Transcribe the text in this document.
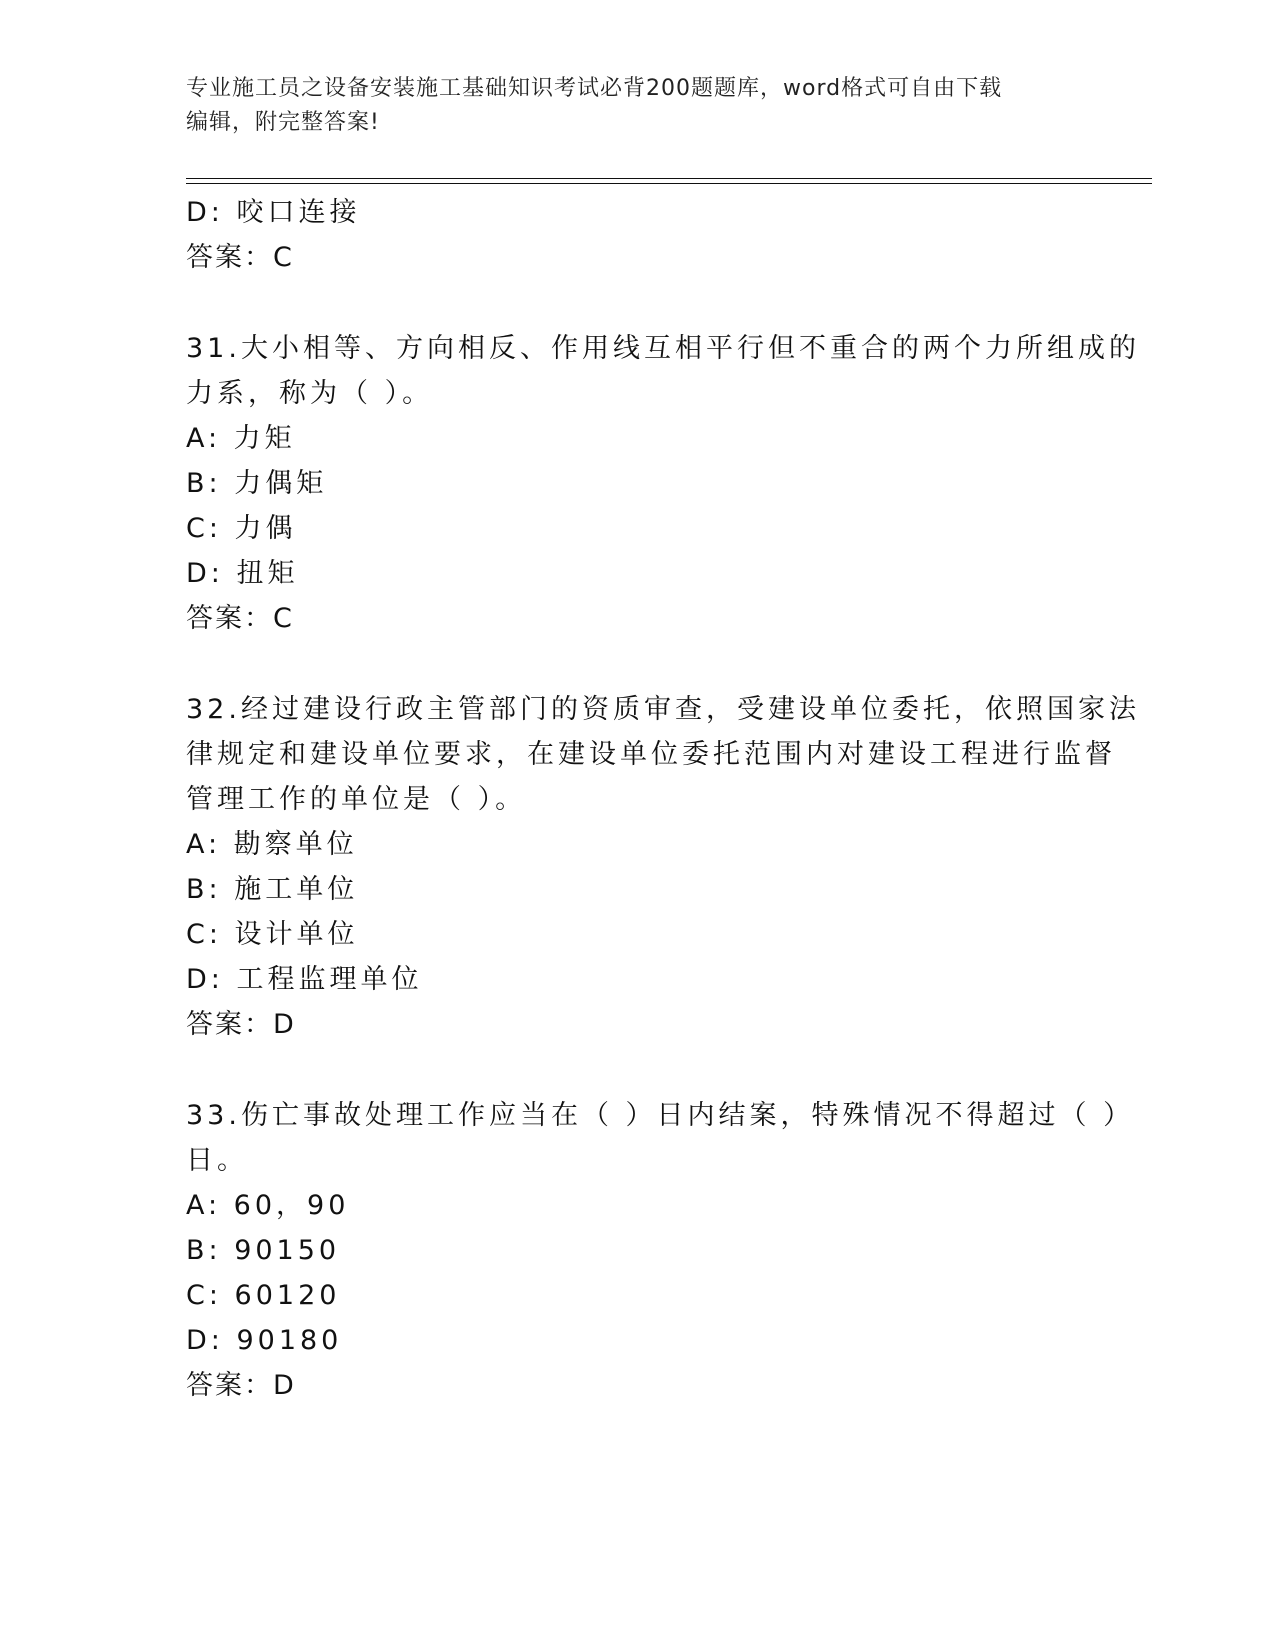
专业施工员之设备安装施工基础知识考试必背200题题库，word格式可自由下载
编辑，附完整答案!
D: 咬口连接
答案：C
31.大小相等、方向相反、作用线互相平行但不重合的两个力所组成的
力系，称为（ ）。
A: 力矩
B: 力偶矩
C: 力偶
D: 扭矩
答案：C
32.经过建设行政主管部门的资质审查，受建设单位委托，依照国家法
律规定和建设单位要求，在建设单位委托范围内对建设工程进行监督
管理工作的单位是（ ）。
A: 勘察单位
B: 施工单位
C: 设计单位
D: 工程监理单位
答案：D
33.伤亡事故处理工作应当在（ ）日内结案，特殊情况不得超过（ ）
日。
A: 60，90
B: 90150
C: 60120
D: 90180
答案：D
